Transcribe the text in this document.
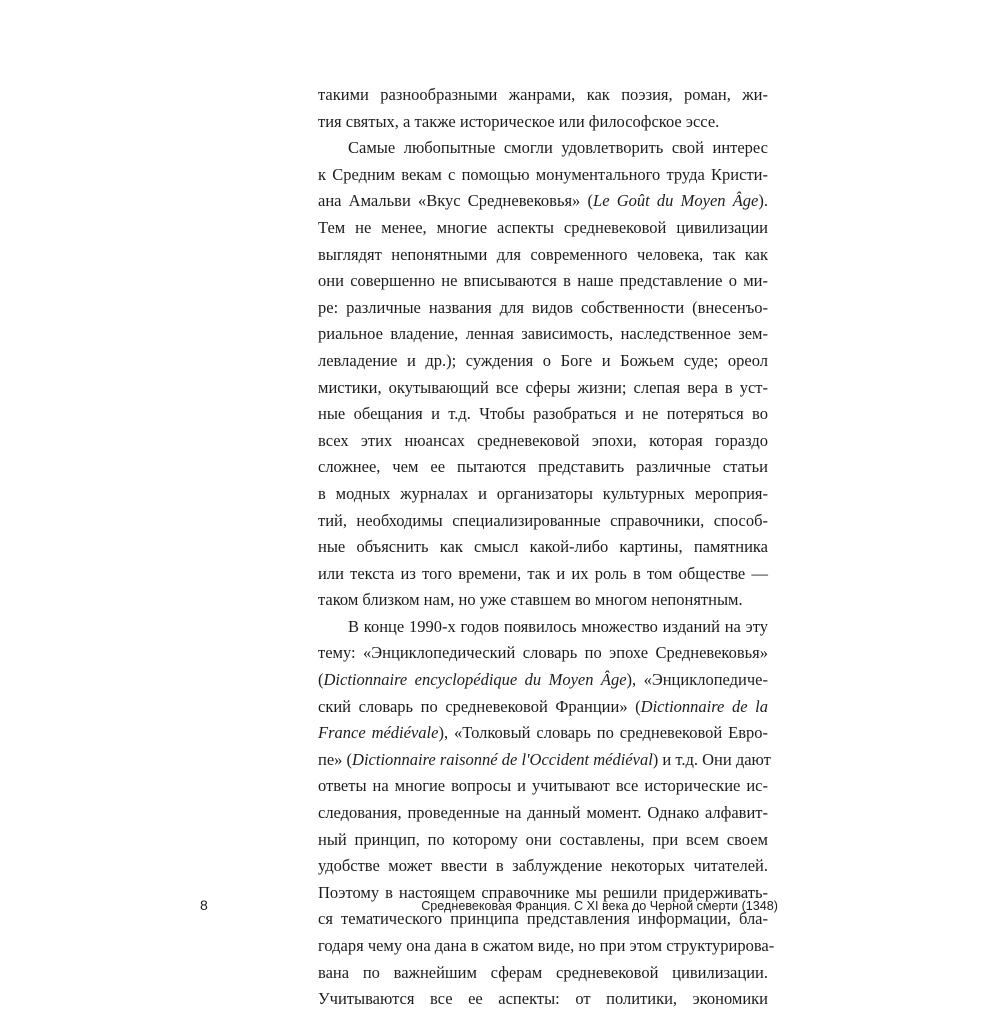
такими разнообразными жанрами, как поэзия, роман, жи-
тия святых, а также историческое или философское эссе.
Самые любопытные смогли удовлетворить свой интерес
к Средним векам с помощью монументального труда Кристи-
ана Амальви «Вкус Средневековья» (Le Goût du Moyen Âge).
Тем не менее, многие аспекты средневековой цивилизации
выглядят непонятными для современного человека, так как
они совершенно не вписываются в наше представление о ми-
ре: различные названия для видов собственности (внесенъо-
риальное владение, ленная зависимость, наследственное зем-
левладение и др.); суждения о Боге и Божьем суде; ореол
мистики, окутывающий все сферы жизни; слепая вера в уст-
ные обещания и т.д. Чтобы разобраться и не потеряться во
всех этих нюансах средневековой эпохи, которая гораздо
сложнее, чем ее пытаются представить различные статьи
в модных журналах и организаторы культурных мероприя-
тий, необходимы специализированные справочники, способ-
ные объяснить как смысл какой-либо картины, памятника
или текста из того времени, так и их роль в том обществе —
таком близком нам, но уже ставшем во многом непонятным.
В конце 1990-х годов появилось множество изданий на эту
тему: «Энциклопедический словарь по эпохе Средневековья»
(Dictionnaire encyclopédique du Moyen Âge), «Энциклопедиче-
ский словарь по средневековой Франции» (Dictionnaire de la
France médiévale), «Толковый словарь по средневековой Евро-
пе» (Dictionnaire raisonné de l'Occident médiéval) и т.д. Они дают
ответы на многие вопросы и учитывают все исторические ис-
следования, проведенные на данный момент. Однако алфавит-
ный принцип, по которому они составлены, при всем своем
удобстве может ввести в заблуждение некоторых читателей.
Поэтому в настоящем справочнике мы решили придерживать-
ся тематического принципа представления информации, бла-
годаря чему она дана в сжатом виде, но при этом структурирова-
вана по важнейшим сферам средневековой цивилизации.
Учитываются все ее аспекты: от политики, экономики
8	Средневековая Франция. С XI века до Черной смерти (1348)
